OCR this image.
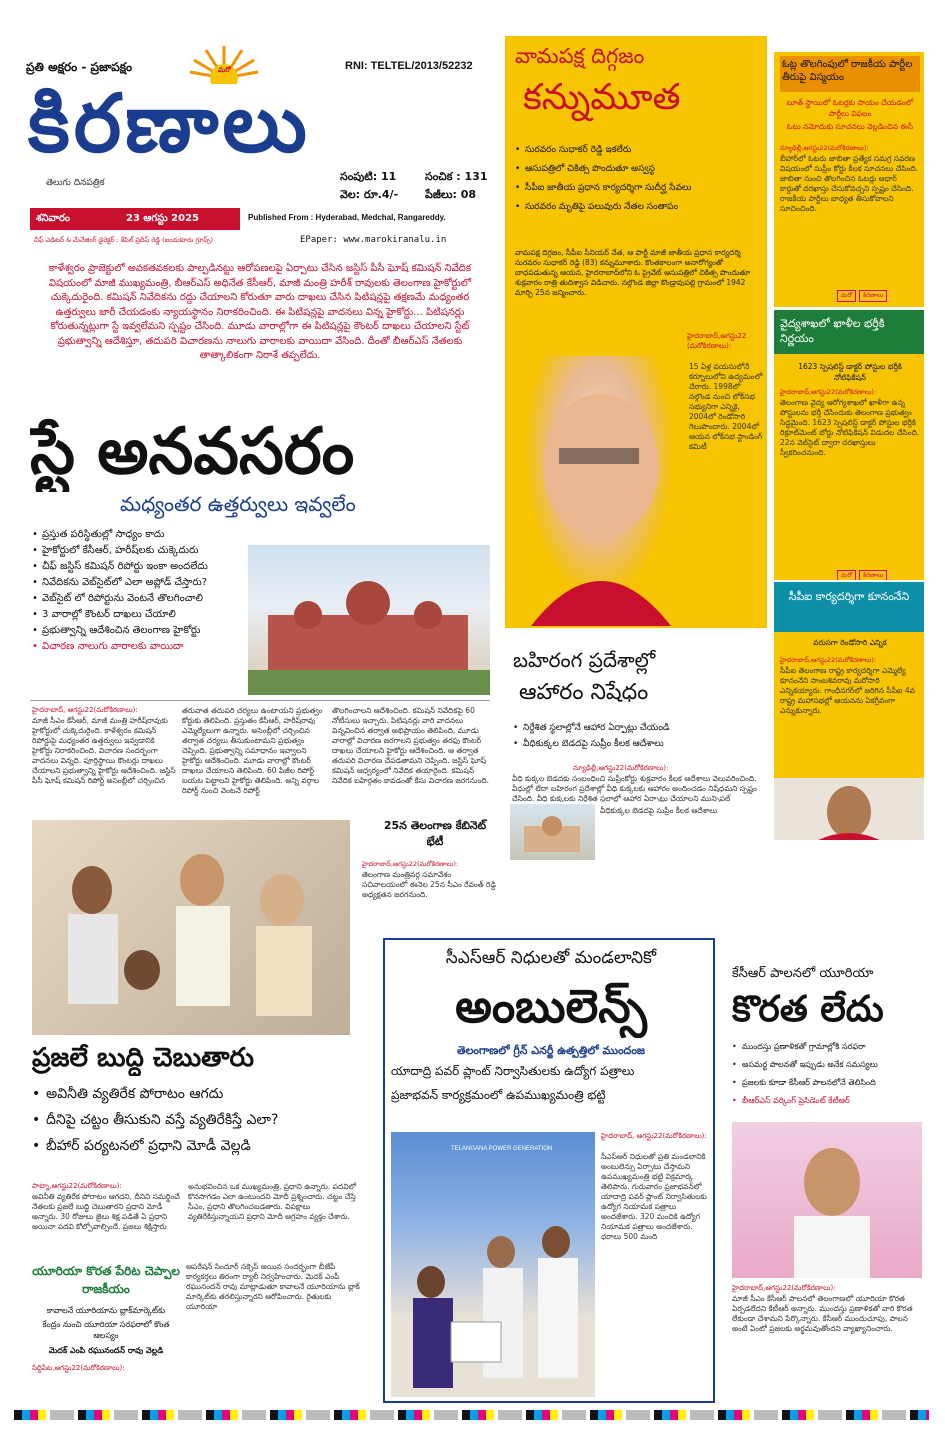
ప్రతి అక్షరం - ప్రజాపక్షం	మరో	RNI: TELTEL/2013/52232
కిరణాలు
తెలుగు దినపత్రిక	సంపుటి: 11	సంచిక : 131
వెల: రూ.4/-	పేజీలు: 08
శనివారం	23 ఆగస్టు 2025	Published From : Hyderabad, Medchal, Rangareddy.
చీఫ్ ఎడిటర్ & మేనేజింగ్ డైరెక్టర్ : కేపిల్ ప్రదీప్ రెడ్డి (ఐందుకూరు గ్రూప్స్)	EPaper: www.marokiranalu.in
కాళేశ్వరం ప్రాజెక్టులో అవకతవకలకు పాల్పడినట్టు ఆరోపణలపై ఏర్పాటు చేసిన జస్టిస్ పీసీ ఘోష్ కమిషన్ నివేదిక విషయంలో మాజీ ముఖ్యమంత్రి, బీఆర్ఎస్ అధినేత కేసీఆర్, మాజీ మంత్రి హరీశ్ రావులకు తెలంగాణ హైకోర్టులో చుక్కెదురైంది. కమిషన్ నివేదికను రద్దు చేయాలని కోరుతూ వారు దాఖలు చేసిన పిటిషన్లపై తక్షణమే మధ్యంతర ఉత్తర్వులు జారీ చేయడంకు న్యాయస్థానం నిరాకరించింది. ఈ పిటిషన్లపై వాదనలు విన్న హైకోర్టు... పిటిషనర్లు కోరుతున్నట్లుగా స్టే ఇవ్వలేమని స్పష్టం చేసింది. మూడు వారాల్లోగా ఈ పిటిషన్లపై కౌంటర్ దాఖలు చేయాలని స్టేట్ ప్రభుత్వాన్ని ఆదేశిస్తూ, తదుపరి విచారణను నాలుగు వారాలకు వాయిదా వేసింది. దీంతో బీఆర్ఎస్ నేతలకు తాత్కాలికంగా నిరాశే తప్పలేదు.
స్టే అనవసరం
మధ్యంతర ఉత్తర్వులు ఇవ్వలేం
• ప్రస్తుత పరిస్థితుల్లో సాధ్యం కాదు
• హైకోర్టులో కేసీఆర్, హరీష్‌లకు చుక్కెదురు
• చీఫ్ జస్టిస్ కమిషన్ రిపోర్టు ఇంకా అందలేదు
• నివేదికను వెబ్‌సైట్‌లో ఎలా అప్లోడ్ చేస్తారు?
• వెబ్‌సైట్ లో రిపోర్టును వెంటనే తొలగించాలి
• 3 వారాల్లో కౌంటర్ దాఖలు చేయాలి
• ప్రభుత్వాన్ని ఆదేశించిన తెలంగాణ హైకోర్టు
• విచారణ నాలుగు వారాలకు వాయిదా
హైదరాబాద్, ఆగస్టు22(మరోకిరణాలు):
మాజీ సీఎం కేసీఆర్, మాజీ మంత్రి హరీష్‌రావుకు హైకోర్టులో చుక్కెదురైంది. కాళేశ్వరం కమిషన్ రిపోర్టుపై మధ్యంతర ఉత్తర్వులు ఇవ్వడానికి హైకోర్టు నిరాకరించింది. విచారణ సందర్భంగా వాదనలు విన్నది. పూర్తిస్థాయి కౌంటర్లు దాఖలు చేయాలని ప్రభుత్వాన్ని హైకోర్టు ఆదేశించింది. జస్టిస్ పీసీ ఘోష్ కమిషన్ రిపోర్ట్ అసెంబ్లీలో చర్చించిన
తరువాత తదుపరి చర్యలు ఉంటాయని ప్రభుత్వం కోర్టుకు తెలిపింది. ప్రస్తుతం కేసీఆర్, హరీష్‌రావు ఎమ్మెల్యేలుగా ఉన్నారు. అసెంబ్లీలో చర్చించిన తర్వాత చర్యలు తీసుకుంటామని ప్రభుత్వం చెప్పింది. ప్రభుత్వాన్ని సమాధానం ఇవ్వాలని హైకోర్టు ఆదేశించింది. మూడు వారాల్లో కౌంటర్ దాఖలు చేయాలని తెలిపింది. 60 పేజీల రిపోర్ట్ బయట పెట్టాలని హైకోర్టు తెలిపింది. అన్ని వర్గాల రిపోర్ట్ నుంచి వెంటనే రిపోర్ట్
తొలగించాలని ఆదేశించింది. కమిషన్ నివేదికపై 60 నోటీసులు ఇచ్చారు. పిటిషనర్లు వారి వాదనలు విన్నవించిన తర్వాత అభిప్రాయం తెలిపింది. మూడు వారాల్లో విచారణ జరగాలని ప్రభుత్వం తరఫు కౌంటర్ దాఖలు చేయాలని హైకోర్టు ఆదేశించింది. ఆ తర్వాత తదుపరి విచారణ చేపడతామని చెప్పింది. జస్టిస్ ఘోష్ కమిషన్ ఆధ్వర్యంలో నివేదిక తయారైంది. కమిషన్ నివేదిక బహిర్గతం కావడంతో కేసు విచారణ జరగనుంది.
వామపక్ష దిగ్గజం
కన్నుమూత
• సురవరం సుధాకర్ రెడ్డి ఇకలేరు
• ఆసుపత్రిలో చికిత్స పొందుతూ అస్వస్థ
• సీపీఐ జాతీయ ప్రధాన కార్యదర్శిగా సుదీర్ఘ సేవలు
• సురవరం మృతిపై పలువురు నేతల సంతాపం
వామపక్ష దిగ్గజం, సీపీఐ సీనియర్ నేత, ఆ పార్టీ మాజీ జాతీయ ప్రధాన కార్యదర్శి సురవరం సుధాకర్ రెడ్డి (83) కన్నుమూశారు. కొంతకాలంగా అనారోగ్యంతో బాధపడుతున్న ఆయన, హైదరాబాద్‌లోని ఓ ప్రైవేట్ ఆసుపత్రిలో చికిత్స పొందుతూ శుక్రవారం రాత్రి తుదిశ్వాస విడిచారు. నల్గొండ జిల్లా కొండ్రావుపల్లి గ్రామంలో 1942 మార్చి 25న జన్మించారు.
హైదరాబాద్,ఆగస్టు22 (మరోకిరణాలు):
15 ఏళ్ల వయసులోనే కర్నూలులోని ఉద్యమంలో చేరారు. 1998లో నల్గొండ నుంచి లోక్‌సభ సభ్యునిగా ఎన్నికై, 2004లో రెండోసారి గెలుపొందారు. 2004లో ఆయన లోక్‌సభ స్టాండింగ్ కమిటీ
ఓట్ల తొలగింపులో రాజకీయ పార్టీల తీరుపై విస్మయం
బూత్ స్థాయిలో ఓటర్లకు సాయం చేయడంలో పార్టీలు విఫలం
ఓటు నమోదుకు సూచనలు వెల్లడించిన ఈసీ
న్యూఢిల్లీ,ఆగస్టు22(మరోకిరణాలు):
బీహార్‌లో ఓటరు జాబితా ప్రత్యేక సమగ్ర సవరణ విషయంలో సుప్రీం కోర్టు కీలక సూచనలు చేసింది. జాబితా నుంచి తొలగించిన ఓటర్లు ఆధార్ కార్డుతో దరఖాస్తు చేసుకోవచ్చని స్పష్టం చేసింది. రాజకీయ పార్టీలు బాధ్యత తీసుకోవాలని సూచించింది.
మరో కిరణాలు
వైద్యశాఖలో ఖాళీల భర్తీకి నిర్ణయం
1623 స్పెషలిస్ట్ డాక్టర్ పోస్టుల భర్తీకి నోటిఫికేషన్
హైదరాబాద్,ఆగస్టు22(మరోకిరణాలు):
తెలంగాణ వైద్య ఆరోగ్యశాఖలో ఖాళీగా ఉన్న పోస్టులను భర్తీ చేసేందుకు తెలంగాణ ప్రభుత్వం సిద్ధమైంది. 1623 స్పెషలిస్ట్ డాక్టర్ పోస్టుల భర్తీకి రిక్రూట్‌మెంట్ బోర్డు నోటిఫికేషన్ విడుదల చేసింది. 22న వెబ్‌సైట్ ద్వారా దరఖాస్తులు స్వీకరించనుంది.
మరో కిరణాలు
సీపీఐ కార్యదర్శిగా కూనంనేని
వరుసగా రెండోసారి ఎన్నిక
హైదరాబాద్,ఆగస్టు22(మరోకిరణాలు):
సీపీఐ తెలంగాణ రాష్ట్ర కార్యదర్శిగా ఎమ్మెల్యే కూనంనేని సాంబశివరావు మరోసారి ఎన్నికయ్యారు. గాంధీనగర్‌లో జరిగిన సీపీఐ 4వ రాష్ట్ర మహాసభల్లో ఆయనను ఏకగ్రీవంగా ఎన్నుకున్నారు.
బహిరంగ ప్రదేశాల్లో
ఆహారం నిషేధం
• నిర్దేశిత స్థలాల్లోనే ఆహార ఏర్పాట్లు చేయండి
• వీధికుక్కల బెడదపై సుప్రీం కీలక ఆదేశాలు
న్యూఢిల్లీ,ఆగస్టు22(మరోకిరణాలు):
వీధి కుక్కల బెడదకు సంబంధించి సుప్రీంకోర్టు శుక్రవారం కీలక ఆదేశాలు వెలువరించింది. వీధుల్లో లేదా బహిరంగ ప్రదేశాల్లో వీధి కుక్కలకు ఆహారం అందించడం నిషేధమని స్పష్టం చేసింది. వీధి కుక్కలకు నిర్దేశిత స్థలాల్లో ఆహార ఏర్పాట్లు చేయాలని మున్సిపల్
వీధికుక్కల బెడదపై సుప్రీం కీలక ఆదేశాలు
ప్రజలే బుద్ధి చెబుతారు
• అవినీతి వ్యతిరేక పోరాటం ఆగదు
• దీనిపై చట్టం తీసుకుని వస్తే వ్యతిరేకిస్తే ఎలా?
• బీహార్ పర్యటనలో ప్రధాని మోడీ వెల్లడి
పాట్నా,ఆగస్టు22(మరోకిరణాలు):
అవినీతి వ్యతిరేక పోరాటం ఆగదని, దీనిని సమర్థించే నేతలకు ప్రజలే బుద్ధి చెబుతారని ప్రధాని మోడీ అన్నారు. 30 రోజులు జైలు శిక్ష పడితే ఏ ప్రధాని అయినా పదవి కోల్పోవాల్సిందే. ప్రజలు శిక్షిస్తారు
అనుభవించిన ఒక ముఖ్యమంత్రి, ప్రధాని ఉన్నారు. పదవిలో కొనసాగడం ఎలా ఉంటుందని మోదీ ప్రశ్నించారు. చట్టం చేస్తే సీఎం, ప్రధాని తొలగించబడతారు. విపక్షాలు వ్యతిరేకిస్తున్నాయని ప్రధాని మోదీ ఆగ్రహం వ్యక్తం చేశారు.
యూరియా కొరత పేరిట చెప్పాల రాజకీయం
కావాలనే యూరియాను బ్లాక్‌మార్కెట్‌కు
కేంద్రం నుంచి యూరియా సరఫరాలో కొంత ఆలస్యం
మెదక్ ఎంపి రఘునందన్ రావు వెల్లడి
సిద్దిపేట,ఆగస్టు22(మరోకిరణాలు):
ఆపరేషన్ సిందూర్ సక్సెస్ అయిన సందర్భంగా బీజేపీ కార్యకర్తలు తిరంగా ర్యాలీ నిర్వహించారు. మెదక్ ఎంపీ రఘునందన్ రావు మాట్లాడుతూ కావాలనే యూరియాను బ్లాక్ మార్కెట్‌కు తరలిస్తున్నారని ఆరోపించారు. రైతులకు యూరియా
25న తెలంగాణ కేబినెట్ భేటీ
హైదరాబాద్,ఆగస్టు22(మరోకిరణాలు):
తెలంగాణ మంత్రివర్గ సమావేశం సచివాలయంలో ఈనెల 25న సీఎం రేవంత్ రెడ్డి అధ్యక్షతన జరగనుంది.
సీఎస్‌ఆర్ నిధులతో మండలానికో
అంబులెన్స్
తెలంగాణలో గ్రీన్ ఎనర్జీ ఉత్పత్తిలో ముందంజ
యాదాద్రి పవర్ ప్లాంట్ నిర్వాసితులకు ఉద్యోగ పత్రాలు
ప్రజాభవన్ కార్యక్రమంలో ఉపముఖ్యమంత్రి భట్టి
TELANGANA POWER GENERATION
హైదరాబాద్, ఆగస్టు22(మరోకిరణాలు):
సీఎస్‌ఆర్ నిధులతో ప్రతి మండలానికి అంబులెన్సు ఏర్పాటు చేస్తామని ఉపముఖ్యమంత్రి భట్టి విక్రమార్క తెలిపారు. గురువారం ప్రజాభవన్‌లో యాదాద్రి పవర్ ప్లాంట్ నిర్వాసితులకు ఉద్యోగ నియామక పత్రాలు అందజేశారు. 320 మందికి ఉద్యోగ నియామక పత్రాలు అందజేశారు. ధరాలు 500 మంది
కేసీఆర్ పాలనలో యూరియా
కొరత లేదు
• ముందస్తు ప్రణాళికతో గ్రామాల్లోకి సరఫరా
• అసమర్థ పాలనతో ఇప్పుడు అనేక సమస్యలు
• ప్రజలకు కూడా కేసీఆర్ పాలనలోనే తెలిసింది
• బీఆర్ఎస్ వర్కింగ్ ప్రెసిడెంట్ కేటీఆర్
హైదరాబాద్,ఆగస్టు22(మరోకిరణాలు):
మాజీ సీఎం కేసీఆర్ పాలనలో తెలంగాణలో యూరియా కొరత ఏర్పడలేదని కేటీఆర్ అన్నారు. ముందస్తు ప్రణాళికతో వారి కొరత లేకుండా చేశామని పేర్కొన్నారు. కేసీఆర్ ముందుచూపు, పాలన అంటే ఏంటో ప్రజలకు అర్థమవుతోందని వ్యాఖ్యానించారు.
